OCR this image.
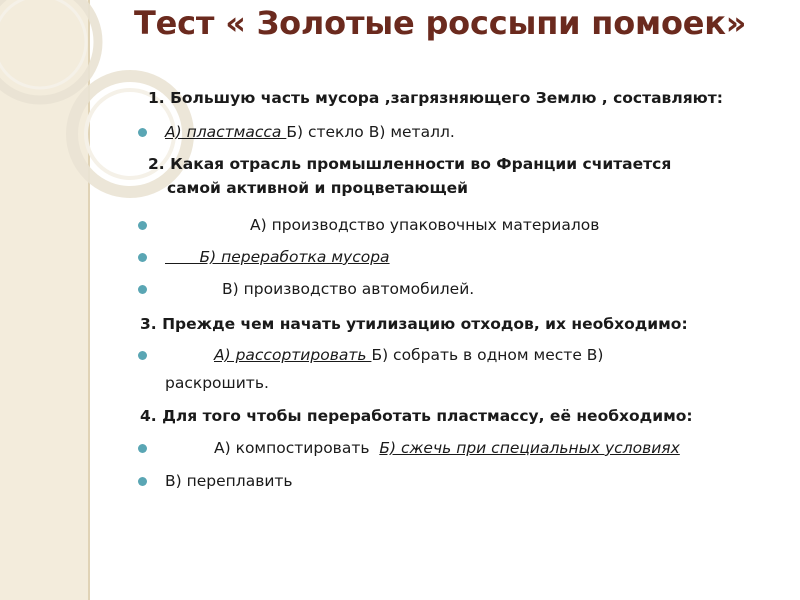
Тест « Золотые россыпи помоек»
1. Большую часть мусора ,загрязняющего Землю , составляют:
А) пластмасса Б) стекло В) металл.
2. Какая отрасль промышленности во Франции считается
самой активной и процветающей
А) производство упаковочных материалов
Б) переработка мусора
В) производство автомобилей.
3. Прежде чем начать утилизацию отходов, их необходимо:
А) рассортировать Б) собрать в одном месте В)
раскрошить.
4. Для того чтобы переработать пластмассу, её необходимо:
А) компостировать  Б) сжечь при специальных условиях
В) переплавить
